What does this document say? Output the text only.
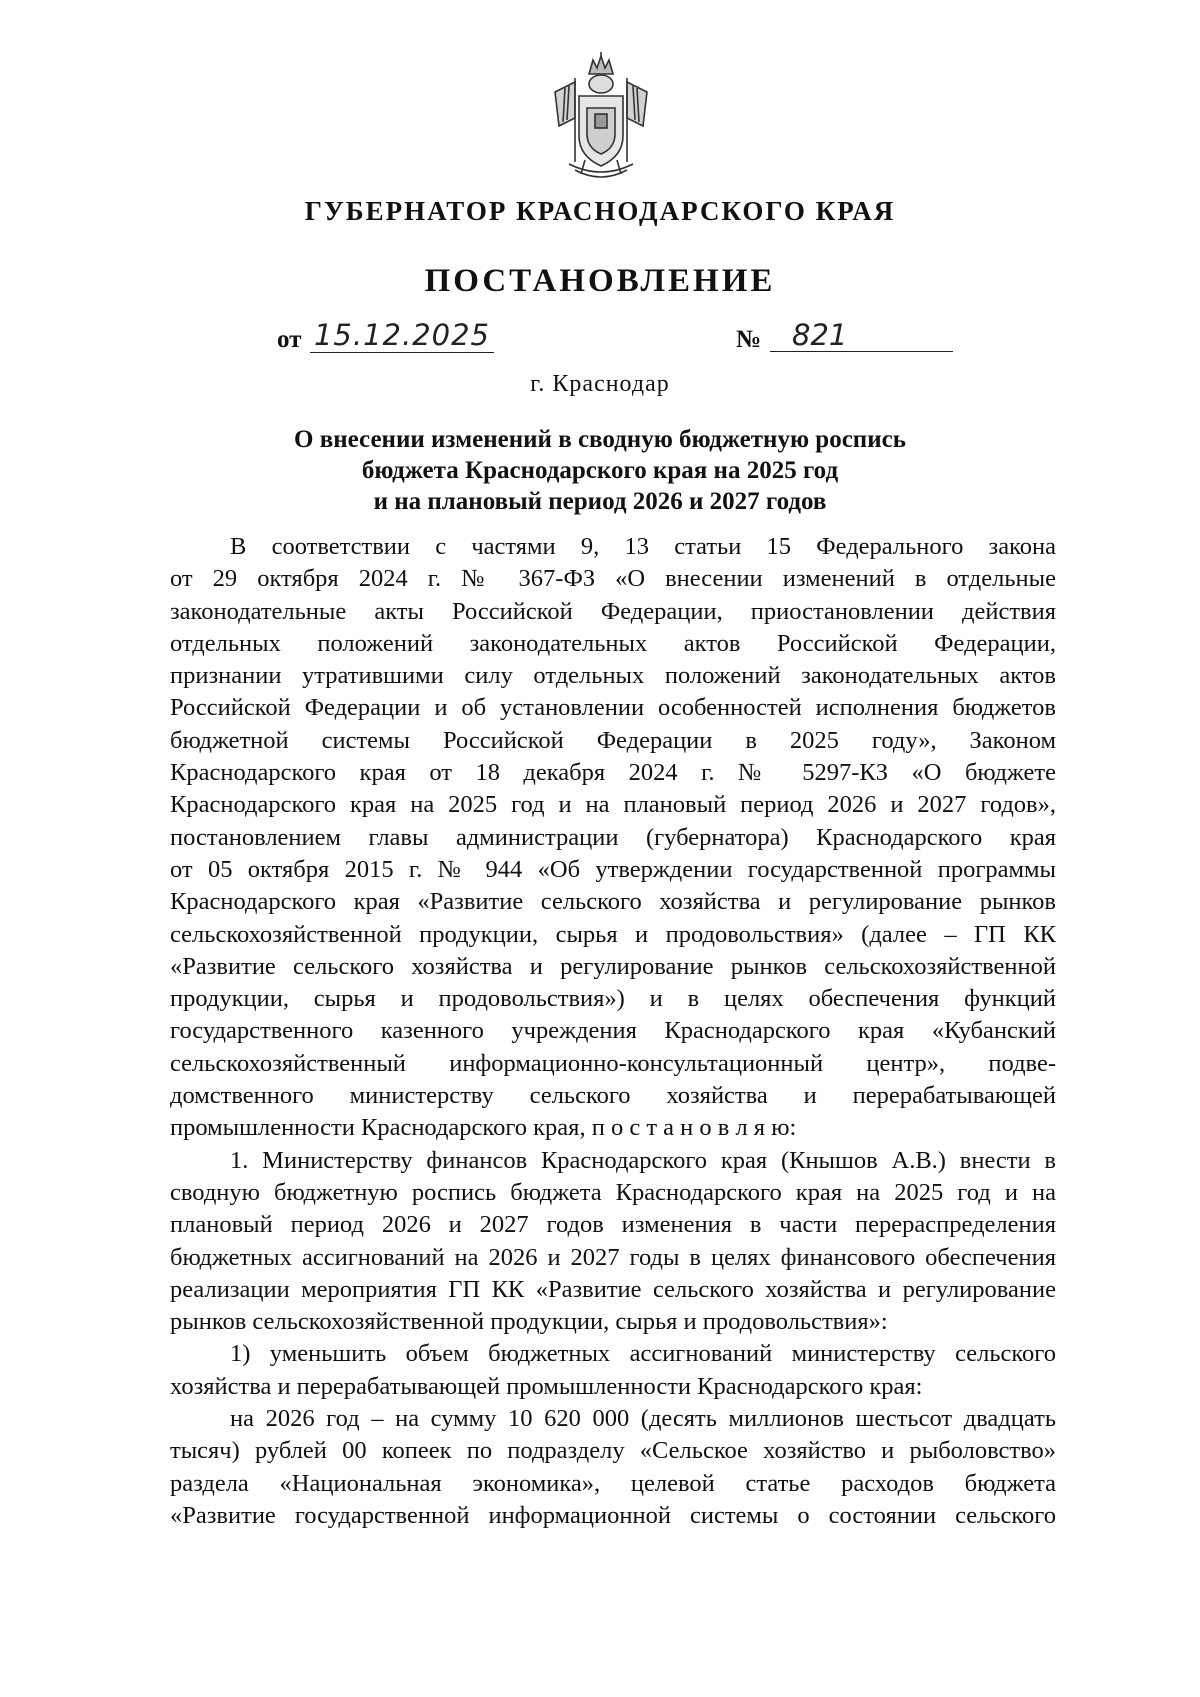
ГУБЕРНАТОР КРАСНОДАРСКОГО КРАЯ
ПОСТАНОВЛЕНИЕ
от 15.12.2025	№	821
г. Краснодар
О внесении изменений в сводную бюджетную роспись
бюджета Краснодарского края на 2025 год
и на плановый период 2026 и 2027 годов

В соответствии с частями 9, 13 статьи 15 Федерального закона

от 29 октября 2024 г. № 367-ФЗ «О внесении изменений в отдельные

законодательные акты Российской Федерации, приостановлении действия

отдельных положений законодательных актов Российской Федерации,

признании утратившими силу отдельных положений законодательных актов

Российской Федерации и об установлении особенностей исполнения бюджетов

бюджетной системы Российской Федерации в 2025 году», Законом

Краснодарского края от 18 декабря 2024 г. № 5297-КЗ «О бюджете

Краснодарского края на 2025 год и на плановый период 2026 и 2027 годов»,

постановлением главы администрации (губернатора) Краснодарского края

от 05 октября 2015 г. № 944 «Об утверждении государственной программы

Краснодарского края «Развитие сельского хозяйства и регулирование рынков

сельскохозяйственной продукции, сырья и продовольствия» (далее – ГП КК

«Развитие сельского хозяйства и регулирование рынков сельскохозяйственной

продукции, сырья и продовольствия») и в целях обеспечения функций

государственного казенного учреждения Краснодарского края «Кубанский

сельскохозяйственный информационно-консультационный центр», подве-

домственного министерству сельского хозяйства и перерабатывающей

промышленности Краснодарского края, п о с т а н о в л я ю:

1. Министерству финансов Краснодарского края (Кнышов А.В.) внести в

сводную бюджетную роспись бюджета Краснодарского края на 2025 год и на

плановый период 2026 и 2027 годов изменения в части перераспределения

бюджетных ассигнований на 2026 и 2027 годы в целях финансового обеспечения

реализации мероприятия ГП КК «Развитие сельского хозяйства и регулирование

рынков сельскохозяйственной продукции, сырья и продовольствия»:

1) уменьшить объем бюджетных ассигнований министерству сельского

хозяйства и перерабатывающей промышленности Краснодарского края:

на 2026 год – на сумму 10 620 000 (десять миллионов шестьсот двадцать

тысяч) рублей 00 копеек по подразделу «Сельское хозяйство и рыболовство»

раздела «Национальная экономика», целевой статье расходов бюджета

«Развитие государственной информационной системы о состоянии сельского
